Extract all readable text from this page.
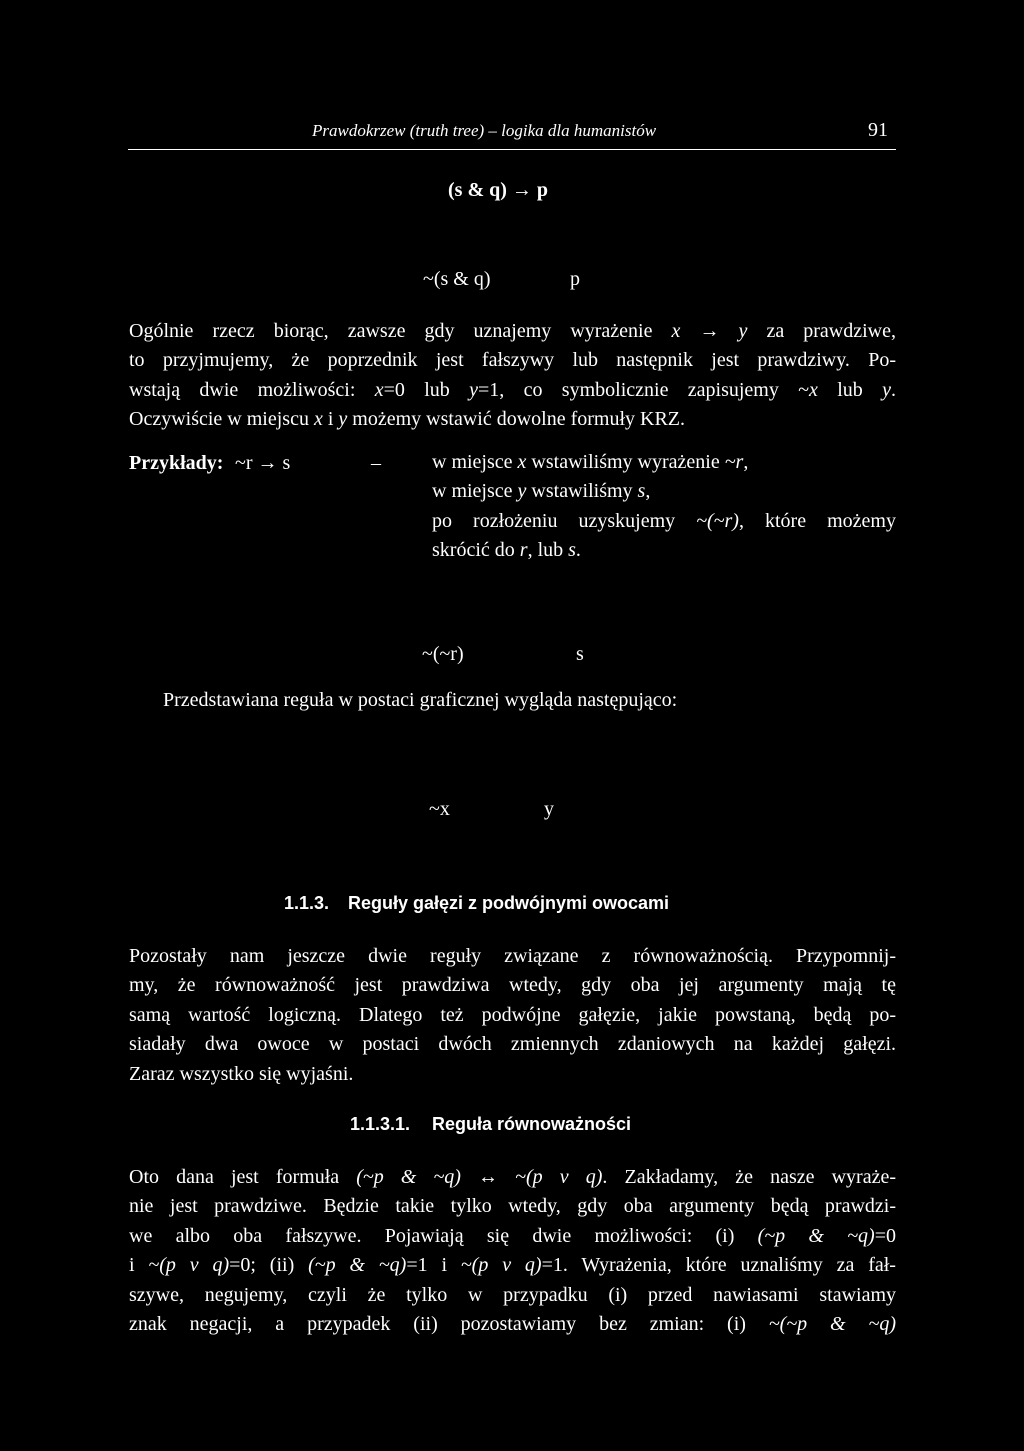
Prawdokrzew (truth tree) – logika dla humanistów	91
(s & q) → p
~(s & q)	p
Ogólnie rzecz biorąc, zawsze gdy uznajemy wyrażenie x → y za prawdziwe,
to przyjmujemy, że poprzednik jest fałszywy lub następnik jest prawdziwy. Po-
wstają dwie możliwości: x=0 lub y=1, co symbolicznie zapisujemy ~x lub y.
Oczywiście w miejscu x i y możemy wstawić dowolne formuły KRZ.
Przykłady: ~r → s	–	w miejsce x wstawiliśmy wyrażenie ~r,
w miejsce y wstawiliśmy s,
po rozłożeniu uzyskujemy ~(~r), które możemy
skrócić do r, lub s.
~(~r)	s
Przedstawiana reguła w postaci graficznej wygląda następująco:
~x	y
1.1.3. Reguły gałęzi z podwójnymi owocami
Pozostały nam jeszcze dwie reguły związane z równoważnością. Przypomnij-
my, że równoważność jest prawdziwa wtedy, gdy oba jej argumenty mają tę
samą wartość logiczną. Dlatego też podwójne gałęzie, jakie powstaną, będą po-
siadały dwa owoce w postaci dwóch zmiennych zdaniowych na każdej gałęzi.
Zaraz wszystko się wyjaśni.
1.1.3.1. Reguła równoważności
Oto dana jest formuła (~p & ~q) ↔ ~(p v q). Zakładamy, że nasze wyraże-
nie jest prawdziwe. Będzie takie tylko wtedy, gdy oba argumenty będą prawdzi-
we albo oba fałszywe. Pojawiają się dwie możliwości: (i) (~p & ~q)=0
i ~(p v q)=0; (ii) (~p & ~q)=1 i ~(p v q)=1. Wyrażenia, które uznaliśmy za fał-
szywe, negujemy, czyli że tylko w przypadku (i) przed nawiasami stawiamy
znak negacji, a przypadek (ii) pozostawiamy bez zmian: (i) ~(~p & ~q)
